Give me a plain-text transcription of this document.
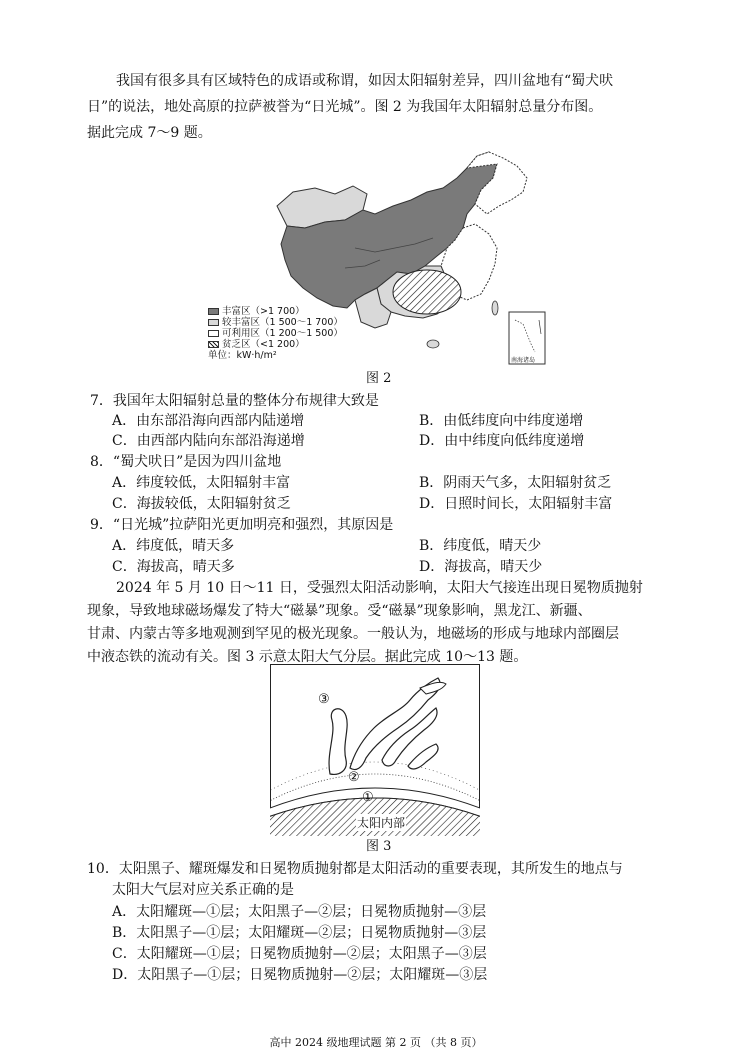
我国有很多具有区域特色的成语或称谓，如因太阳辐射差异，四川盆地有“蜀犬吠
日”的说法，地处高原的拉萨被誉为“日光城”。图 2 为我国年太阳辐射总量分布图。
据此完成 7～9 题。
南海诸岛
丰富区（>1 700）
较丰富区（1 500～1 700）
可利用区（1 200～1 500）
贫乏区（<1 200）
单位：kW·h/m²
图 2
7．我国年太阳辐射总量的整体分布规律大致是
A．由东部沿海向西部内陆递增	B．由低纬度向中纬度递增
C．由西部内陆向东部沿海递增	D．由中纬度向低纬度递增
8．“蜀犬吠日”是因为四川盆地
A．纬度较低，太阳辐射丰富	B．阴雨天气多，太阳辐射贫乏
C．海拔较低，太阳辐射贫乏	D．日照时间长，太阳辐射丰富
9．“日光城”拉萨阳光更加明亮和强烈，其原因是
A．纬度低，晴天多	B．纬度低，晴天少
C．海拔高，晴天多	D．海拔高，晴天少
2024 年 5 月 10 日～11 日，受强烈太阳活动影响，太阳大气接连出现日冕物质抛射
现象，导致地球磁场爆发了特大“磁暴”现象。受“磁暴”现象影响，黑龙江、新疆、
甘肃、内蒙古等多地观测到罕见的极光现象。一般认为，地磁场的形成与地球内部圈层
中液态铁的流动有关。图 3 示意太阳大气分层。据此完成 10～13 题。
③
②
①
太阳内部
图 3
10．太阳黑子、耀斑爆发和日冕物质抛射都是太阳活动的重要表现，其所发生的地点与
太阳大气层对应关系正确的是
A．太阳耀斑—①层；太阳黑子—②层；日冕物质抛射—③层
B．太阳黑子—①层；太阳耀斑—②层；日冕物质抛射—③层
C．太阳耀斑—①层；日冕物质抛射—②层；太阳黑子—③层
D．太阳黑子—①层；日冕物质抛射—②层；太阳耀斑—③层
高中 2024 级地理试题 第 2 页 （共 8 页）
